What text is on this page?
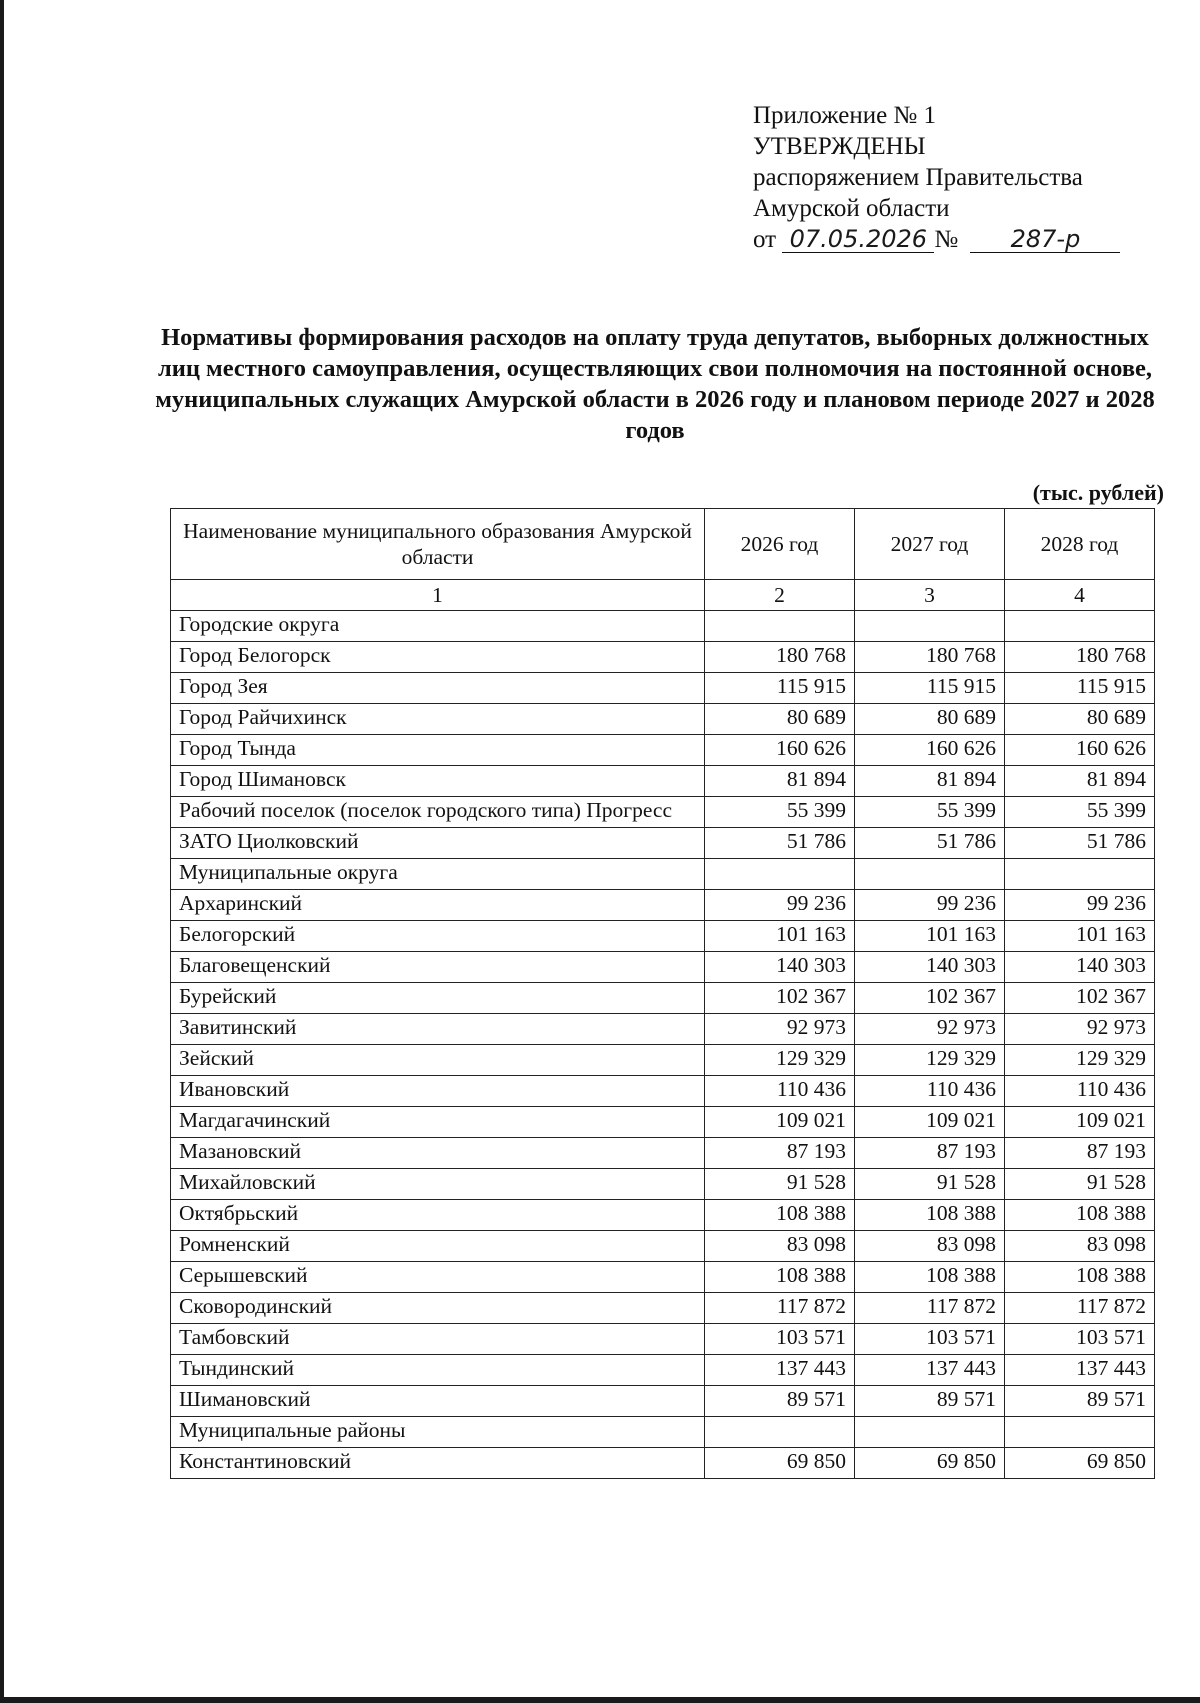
Приложение № 1
УТВЕРЖДЕНЫ
распоряжением Правительства
Амурской области
от 07.05.2026 № 287-р
Нормативы формирования расходов на оплату труда депутатов, выборных должностных лиц местного самоуправления, осуществляющих свои полномочия на постоянной основе, муниципальных служащих Амурской области в 2026 году и плановом периоде 2027 и 2028 годов
(тыс. рублей)
Наименование муниципального образования Амурской области	2026 год	2027 год	2028 год
1	2	3	4
Городские округа			
Город Белогорск	180 768	180 768	180 768
Город Зея	115 915	115 915	115 915
Город Райчихинск	80 689	80 689	80 689
Город Тында	160 626	160 626	160 626
Город Шимановск	81 894	81 894	81 894
Рабочий поселок (поселок городского типа) Прогресс	55 399	55 399	55 399
ЗАТО Циолковский	51 786	51 786	51 786
Муниципальные округа			
Архаринский	99 236	99 236	99 236
Белогорский	101 163	101 163	101 163
Благовещенский	140 303	140 303	140 303
Бурейский	102 367	102 367	102 367
Завитинский	92 973	92 973	92 973
Зейский	129 329	129 329	129 329
Ивановский	110 436	110 436	110 436
Магдагачинский	109 021	109 021	109 021
Мазановский	87 193	87 193	87 193
Михайловский	91 528	91 528	91 528
Октябрьский	108 388	108 388	108 388
Ромненский	83 098	83 098	83 098
Серышевский	108 388	108 388	108 388
Сковородинский	117 872	117 872	117 872
Тамбовский	103 571	103 571	103 571
Тындинский	137 443	137 443	137 443
Шимановский	89 571	89 571	89 571
Муниципальные районы			
Константиновский	69 850	69 850	69 850
